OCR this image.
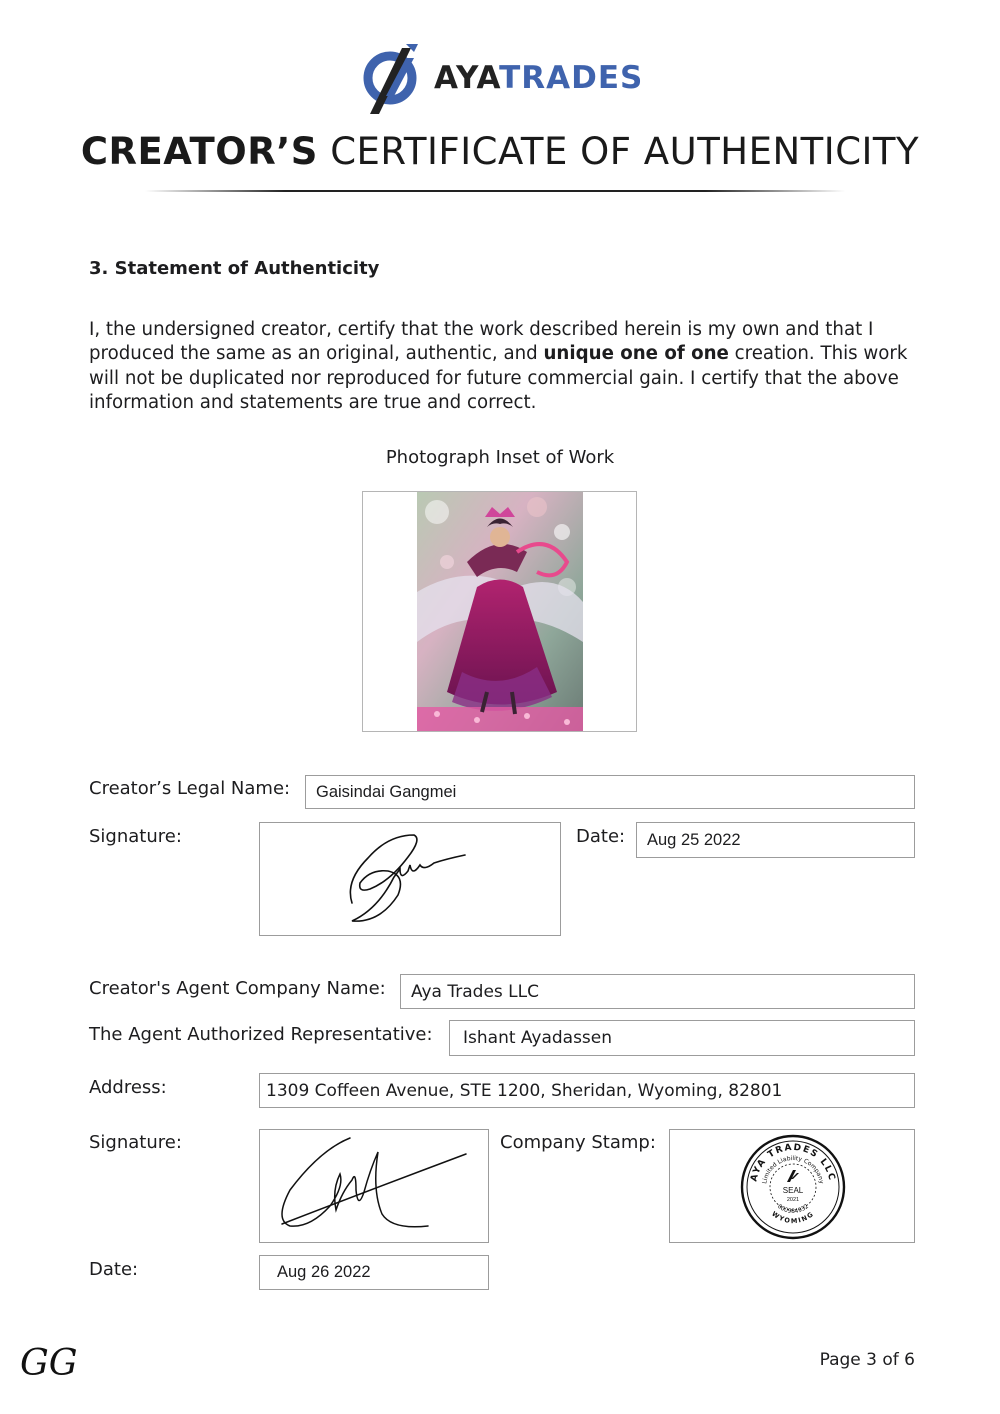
AYATRADES
CREATOR’S CERTIFICATE OF AUTHENTICITY
3. Statement of Authenticity
I, the undersigned creator, certify that the work described herein is my own and that I produced the same as an original, authentic, and unique one of one creation. This work will not be duplicated nor reproduced for future commercial gain. I certify that the above information and statements are true and correct.
Photograph Inset of Work
Creator’s Legal Name:	Gaisindai Gangmei
Signature:	Date:	Aug 25 2022
Creator's Agent Company Name:	Aya Trades LLC
The Agent Authorized Representative:	Ishant Ayadassen
Address:	1309 Coffeen Avenue, STE 1200, Sheridan, Wyoming, 82801
Signature:	Company Stamp:
AYA TRADES LLC
Limited Liability Company
WYOMING
000984932
SEAL
2021
Date:	Aug 26 2022
GG	Page 3 of 6
